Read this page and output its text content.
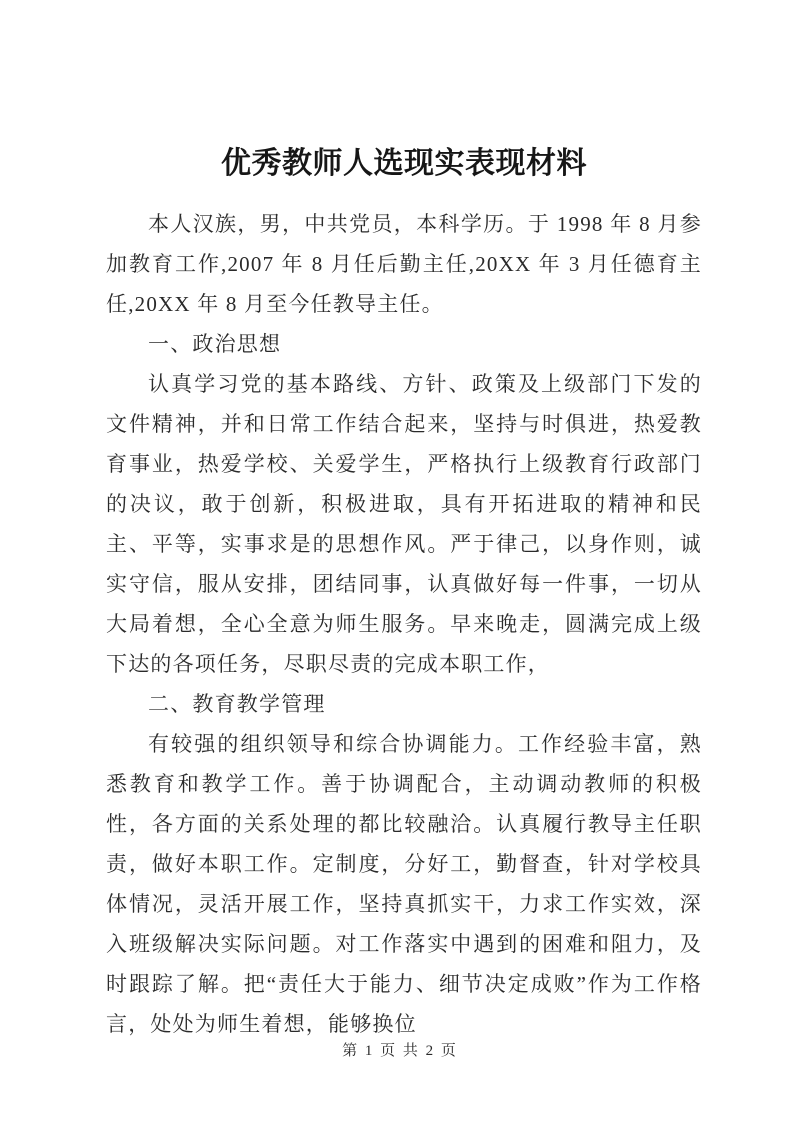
优秀教师人选现实表现材料

本人汉族，男，中共党员，本科学历。于 1998 年 8 月参加教育工作,2007 年 8 月任后勤主任,20XX 年 3 月任德育主任,20XX 年 8 月至今任教导主任。

一、政治思想

认真学习党的基本路线、方针、政策及上级部门下发的文件精神，并和日常工作结合起来，坚持与时俱进，热爱教育事业，热爱学校、关爱学生，严格执行上级教育行政部门的决议，敢于创新，积极进取，具有开拓进取的精神和民主、平等，实事求是的思想作风。严于律己，以身作则，诚实守信，服从安排，团结同事，认真做好每一件事，一切从大局着想，全心全意为师生服务。早来晚走，圆满完成上级下达的各项任务，尽职尽责的完成本职工作，

二、教育教学管理

有较强的组织领导和综合协调能力。工作经验丰富，熟悉教育和教学工作。善于协调配合，主动调动教师的积极性，各方面的关系处理的都比较融洽。认真履行教导主任职责，做好本职工作。定制度，分好工，勤督查，针对学校具体情况，灵活开展工作，坚持真抓实干，力求工作实效，深入班级解决实际问题。对工作落实中遇到的困难和阻力，及时跟踪了解。把“责任大于能力、细节决定成败”作为工作格言，处处为师生着想，能够换位

第 1 页 共 2 页
